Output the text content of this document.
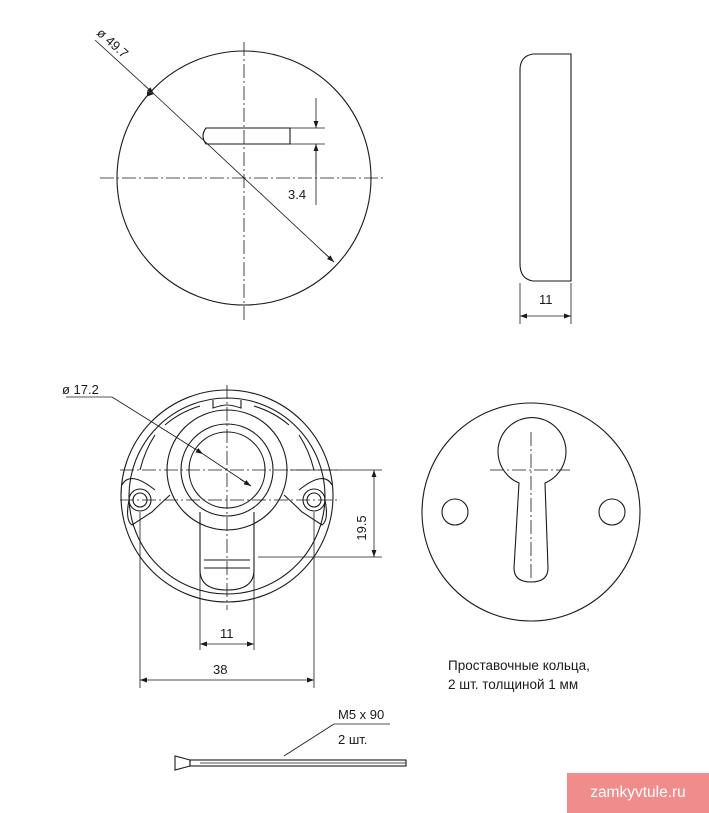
3.4
ø 49.7
11
ø 17.2
19.5
11
38
M5 x 90
2 шт.
Проставочные кольца,
2 шт. толщиной 1 мм
zamkyvtule.ru
